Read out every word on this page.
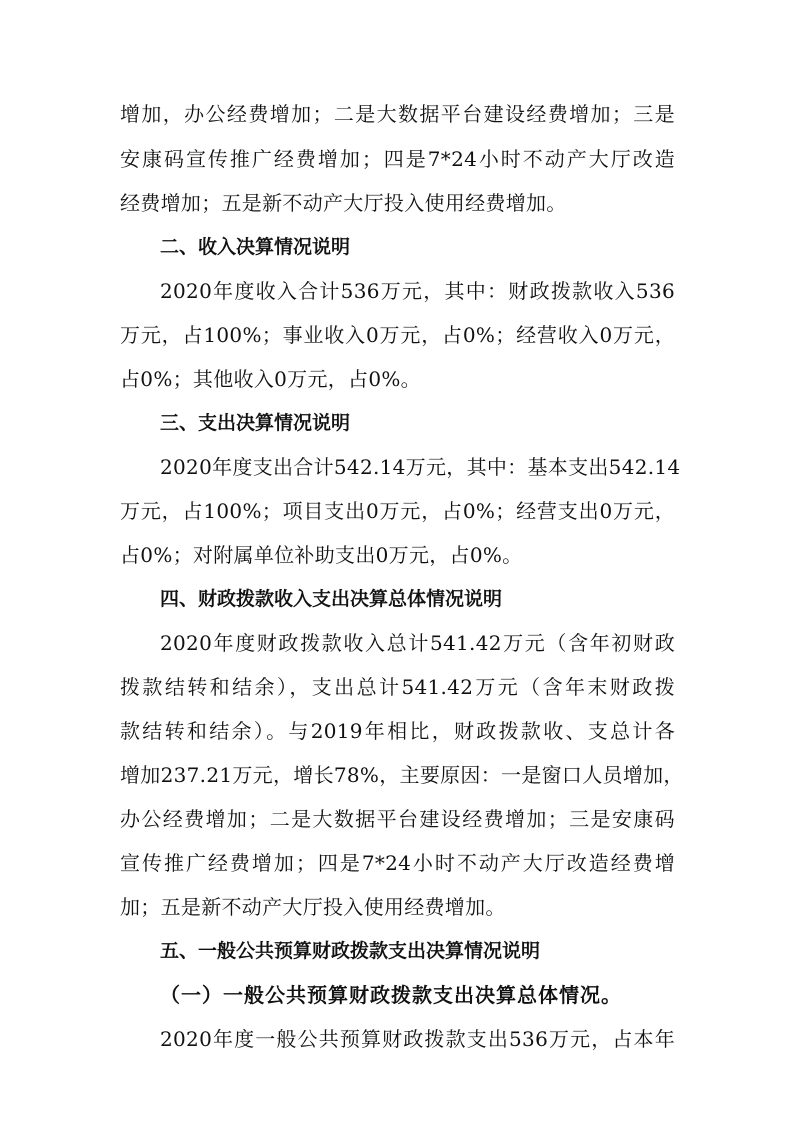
增加，办公经费增加；二是大数据平台建设经费增加；三是
安康码宣传推广经费增加；四是7*24小时不动产大厅改造
经费增加；五是新不动产大厅投入使用经费增加。
二、收入决算情况说明
2020年度收入合计536万元，其中：财政拨款收入536
万元，占100%；事业收入0万元，占0%；经营收入0万元，
占0%；其他收入0万元，占0%。
三、支出决算情况说明
2020年度支出合计542.14万元，其中：基本支出542.14
万元，占100%；项目支出0万元，占0%；经营支出0万元，
占0%；对附属单位补助支出0万元，占0%。
四、财政拨款收入支出决算总体情况说明
2020年度财政拨款收入总计541.42万元（含年初财政
拨款结转和结余），支出总计541.42万元（含年末财政拨
款结转和结余）。与2019年相比，财政拨款收、支总计各
增加237.21万元，增长78%，主要原因：一是窗口人员增加，
办公经费增加；二是大数据平台建设经费增加；三是安康码
宣传推广经费增加；四是7*24小时不动产大厅改造经费增
加；五是新不动产大厅投入使用经费增加。
五、一般公共预算财政拨款支出决算情况说明
（一）一般公共预算财政拨款支出决算总体情况。
2020年度一般公共预算财政拨款支出536万元，占本年
